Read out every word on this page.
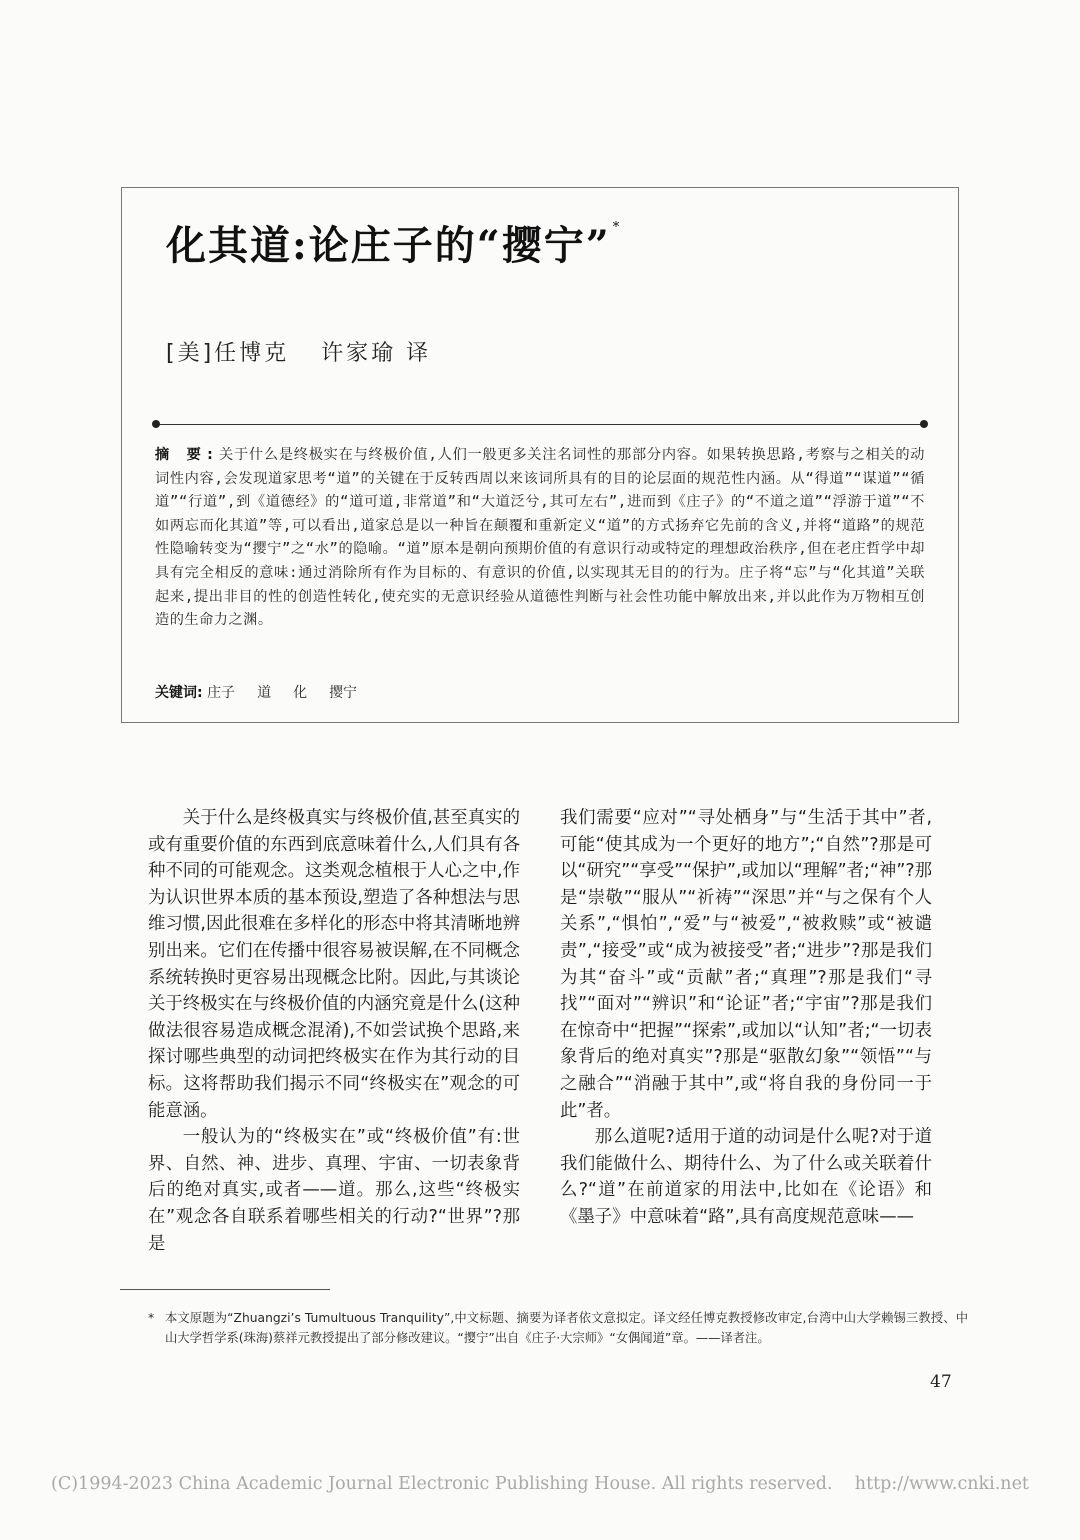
化其道:论庄子的“撄宁” *
[美]任博克 许家瑜 译
摘 要:关于什么是终极实在与终极价值,人们一般更多关注名词性的那部分内容。如果转换思路,考察与之相关的动词性内容,会发现道家思考“道”的关键在于反转西周以来该词所具有的目的论层面的规范性内涵。从“得道”“谋道”“循道”“行道”,到《道德经》的“道可道,非常道”和“大道泛兮,其可左右”,进而到《庄子》的“不道之道”“浮游于道”“不如两忘而化其道”等,可以看出,道家总是以一种旨在颠覆和重新定义“道”的方式扬弃它先前的含义,并将“道路”的规范性隐喻转变为“撄宁”之“水”的隐喻。“道”原本是朝向预期价值的有意识行动或特定的理想政治秩序,但在老庄哲学中却具有完全相反的意味:通过消除所有作为目标的、有意识的价值,以实现其无目的的行为。庄子将“忘”与“化其道”关联起来,提出非目的性的创造性转化,使充实的无意识经验从道德性判断与社会性功能中解放出来,并以此作为万物相互创造的生命力之渊。
关键词: 庄子 道 化 撄宁

关于什么是终极真实与终极价值,甚至真实的或有重要价值的东西到底意味着什么,人们具有各种不同的可能观念。这类观念植根于人心之中,作为认识世界本质的基本预设,塑造了各种想法与思维习惯,因此很难在多样化的形态中将其清晰地辨别出来。它们在传播中很容易被误解,在不同概念系统转换时更容易出现概念比附。因此,与其谈论关于终极实在与终极价值的内涵究竟是什么(这种做法很容易造成概念混淆),不如尝试换个思路,来探讨哪些典型的动词把终极实在作为其行动的目标。这将帮助我们揭示不同“终极实在”观念的可能意涵。

一般认为的“终极实在”或“终极价值”有:世界、自然、神、进步、真理、宇宙、一切表象背后的绝对真实,或者——道。那么,这些“终极实在”观念各自联系着哪些相关的行动?“世界”?那是

我们需要“应对”“寻处栖身”与“生活于其中”者,可能“使其成为一个更好的地方”;“自然”?那是可以“研究”“享受”“保护”,或加以“理解”者;“神”?那是“崇敬”“服从”“祈祷”“深思”并“与之保有个人关系”,“惧怕”,“爱”与“被爱”,“被救赎”或“被谴责”,“接受”或“成为被接受”者;“进步”?那是我们为其“奋斗”或“贡献”者;“真理”?那是我们“寻找”“面对”“辨识”和“论证”者;“宇宙”?那是我们在惊奇中“把握”“探索”,或加以“认知”者;“一切表象背后的绝对真实”?那是“驱散幻象”“领悟”“与之融合”“消融于其中”,或“将自我的身份同一于此”者。

那么道呢?适用于道的动词是什么呢?对于道我们能做什么、期待什么、为了什么或关联着什么?“道”在前道家的用法中,比如在《论语》和《墨子》中意味着“路”,具有高度规范意味——

* 本文原题为“Zhuangzi’s Tumultuous Tranquility”,中文标题、摘要为译者依文意拟定。译文经任博克教授修改审定,台湾中山大学赖锡三教授、中山大学哲学系(珠海)蔡祥元教授提出了部分修改建议。“撄宁”出自《庄子·大宗师》“女偶闻道”章。——译者注。
47
(C)1994-2023 China Academic Journal Electronic Publishing House. All rights reserved.    http://www.cnki.net
